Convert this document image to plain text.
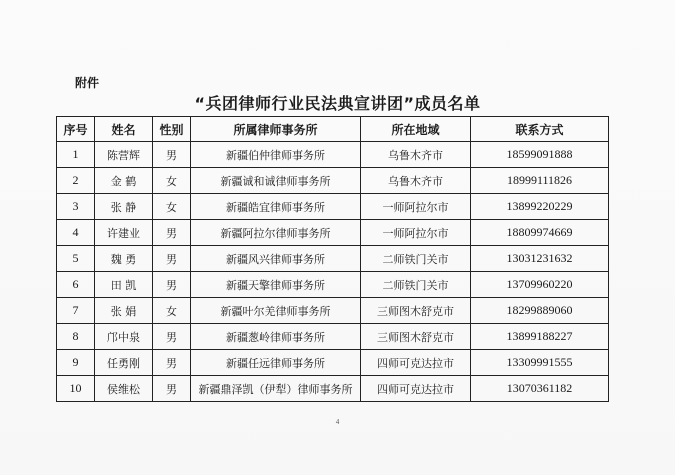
附件
“兵团律师行业民法典宣讲团”成员名单
序号	姓名	性别	所属律师事务所	所在地域	联系方式
1	陈营辉	男	新疆伯仲律师事务所	乌鲁木齐市	18599091888
2	金 鹤	女	新疆诚和诚律师事务所	乌鲁木齐市	18999111826
3	张 静	女	新疆皓宜律师事务所	一师阿拉尔市	13899220229
4	许建业	男	新疆阿拉尔律师事务所	一师阿拉尔市	18809974669
5	魏 勇	男	新疆风兴律师事务所	二师铁门关市	13031231632
6	田 凯	男	新疆天擎律师事务所	二师铁门关市	13709960220
7	张 娟	女	新疆叶尔羌律师事务所	三师图木舒克市	18299889060
8	邝中泉	男	新疆葱岭律师事务所	三师图木舒克市	13899188227
9	任勇刚	男	新疆任远律师事务所	四师可克达拉市	13309991555
10	侯维松	男	新疆鼎泽凯（伊犁）律师事务所	四师可克达拉市	13070361182
4
